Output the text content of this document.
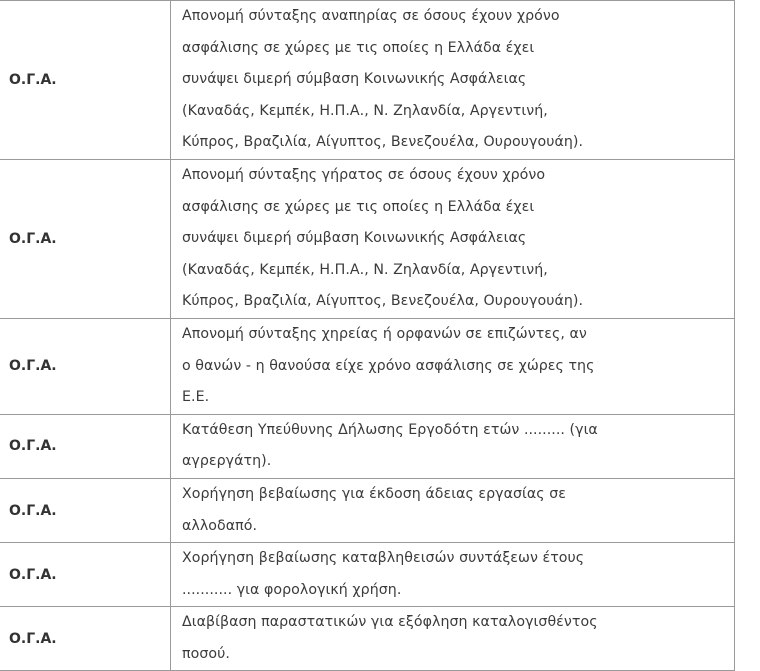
Ο.Γ.Α.	Απονομή σύνταξης αναπηρίας σε όσους έχουν χρόνο
ασφάλισης σε χώρες με τις οποίες η Ελλάδα έχει
συνάψει διμερή σύμβαση Κοινωνικής Ασφάλειας
(Καναδάς, Κεμπέκ, Η.Π.Α., Ν. Ζηλανδία, Αργεντινή,
Κύπρος, Βραζιλία, Αίγυπτος, Βενεζουέλα, Ουρουγουάη).

Ο.Γ.Α.	Απονομή σύνταξης γήρατος σε όσους έχουν χρόνο
ασφάλισης σε χώρες με τις οποίες η Ελλάδα έχει
συνάψει διμερή σύμβαση Κοινωνικής Ασφάλειας
(Καναδάς, Κεμπέκ, Η.Π.Α., Ν. Ζηλανδία, Αργεντινή,
Κύπρος, Βραζιλία, Αίγυπτος, Βενεζουέλα, Ουρουγουάη).

Ο.Γ.Α.	Απονομή σύνταξης χηρείας ή ορφανών σε επιζώντες, αν
ο θανών - η θανούσα είχε χρόνο ασφάλισης σε χώρες της
Ε.Ε.

Ο.Γ.Α.	Κατάθεση Υπεύθυνης Δήλωσης Εργοδότη ετών ......... (για
αγρεργάτη).

Ο.Γ.Α.	Χορήγηση βεβαίωσης για έκδοση άδειας εργασίας σε
αλλοδαπό.

Ο.Γ.Α.	Χορήγηση βεβαίωσης καταβληθεισών συντάξεων έτους
........... για φορολογική χρήση.

Ο.Γ.Α.	Διαβίβαση παραστατικών για εξόφληση καταλογισθέντος
ποσού.
